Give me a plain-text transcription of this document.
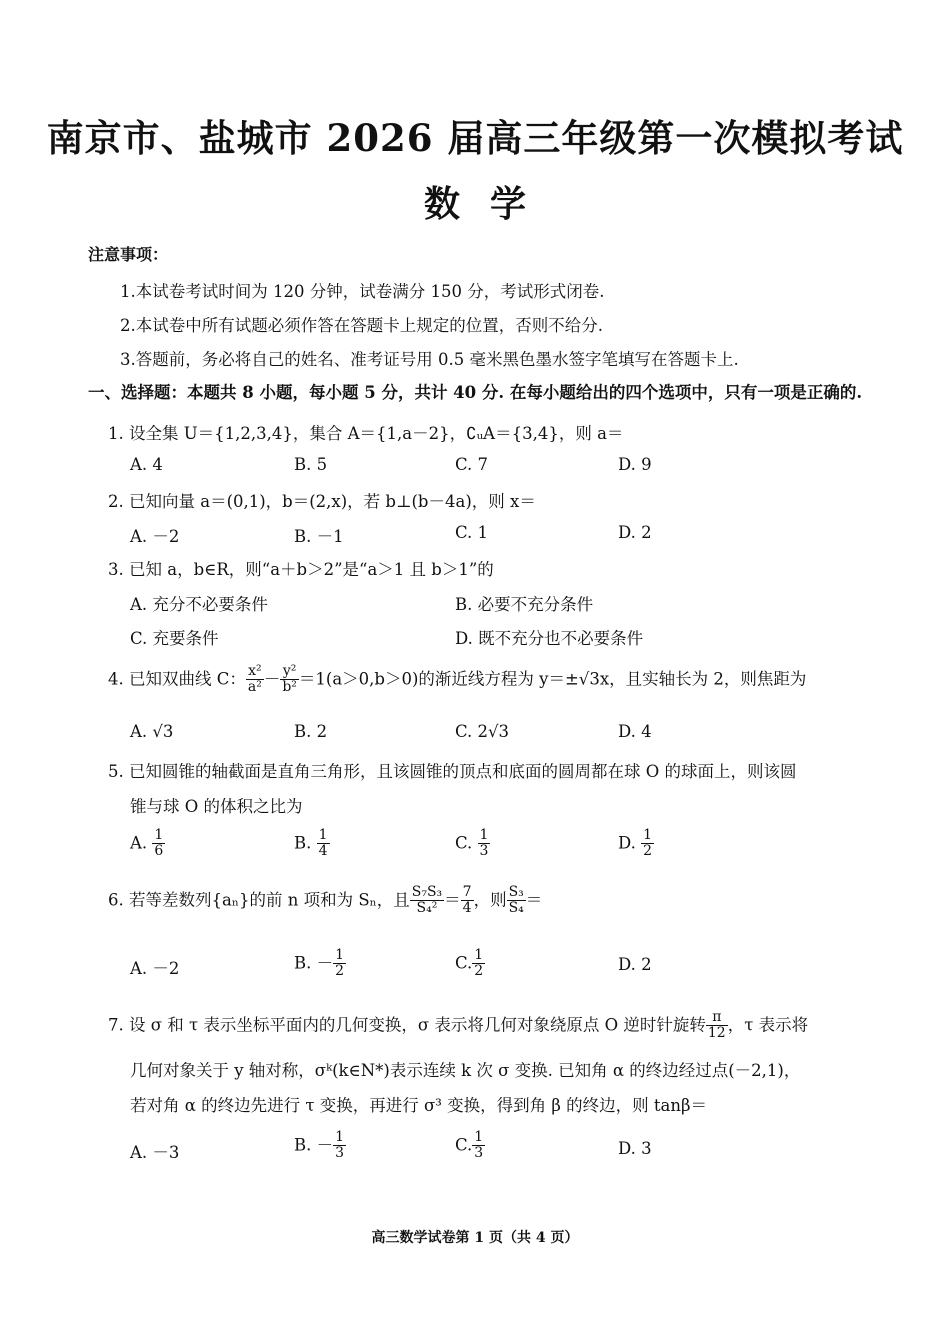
南京市、盐城市 2026 届高三年级第一次模拟考试
数学
注意事项：
1.本试卷考试时间为 120 分钟，试卷满分 150 分，考试形式闭卷.
2.本试卷中所有试题必须作答在答题卡上规定的位置，否则不给分.
3.答题前，务必将自己的姓名、准考证号用 0.5 毫米黑色墨水签字笔填写在答题卡上.
一、选择题：本题共 8 小题，每小题 5 分，共计 40 分. 在每小题给出的四个选项中，只有一项是正确的.
1. 设全集 U＝{1,2,3,4}，集合 A＝{1,a－2}，∁ᵤA＝{3,4}，则 a＝
A. 4	B. 5	C. 7	D. 9
2. 已知向量 a＝(0,1)，b＝(2,x)，若 b⊥(b－4a)，则 x＝
A. －2	B. －1	C. 1	D. 2
3. 已知 a，b∈R，则“a＋b＞2”是“a＞1 且 b＞1”的
A. 充分不必要条件	B. 必要不充分条件
C. 充要条件	D. 既不充分也不必要条件
4. 已知双曲线 C： $\frac{\text{x²}}{\text{a²}} - \frac{\text{y²}}{\text{b²}} =1(a>0,b>0)$的渐近线方程为 y＝±√3x，且实轴长为 2，则焦距为
A. √3	B. 2	C. 2√3	D. 4
5. 已知圆锥的轴截面是直角三角形，且该圆锥的顶点和底面的圆周都在球 O 的球面上，则该圆
锥与球 O 的体积之比为
A. $\frac{1}{6}$	B. $\frac{1}{4}$	C. $\frac{1}{3}$	D. $\frac{1}{2}$
6. 若等差数列{aₙ}的前 n 项和为 Sₙ，且 $\frac{\text{S₇S₃}}{\text{S₄²}} = \frac{7}{4}$ ，则 $\frac{\text{S₃}}{\text{S₄}}$ ＝
A. －2	B. － $\frac{1}{2}$	C. $\frac{1}{2}$	D. 2
7. 设 σ 和 τ 表示坐标平面内的几何变换，σ 表示将几何对象绕原点 O 逆时针旋转 $\frac{\pi}{12}$ ，τ 表示将
几何对象关于 y 轴对称，σᵏ(k∈N*)表示连续 k 次 σ 变换. 已知角 α 的终边经过点(－2,1)，
若对角 α 的终边先进行 τ 变换，再进行 σ³ 变换，得到角 β 的终边，则 tanβ＝
A. －3	B. － $\frac{1}{3}$	C. $\frac{1}{3}$	D. 3
高三数学试卷第 1 页（共 4 页）
